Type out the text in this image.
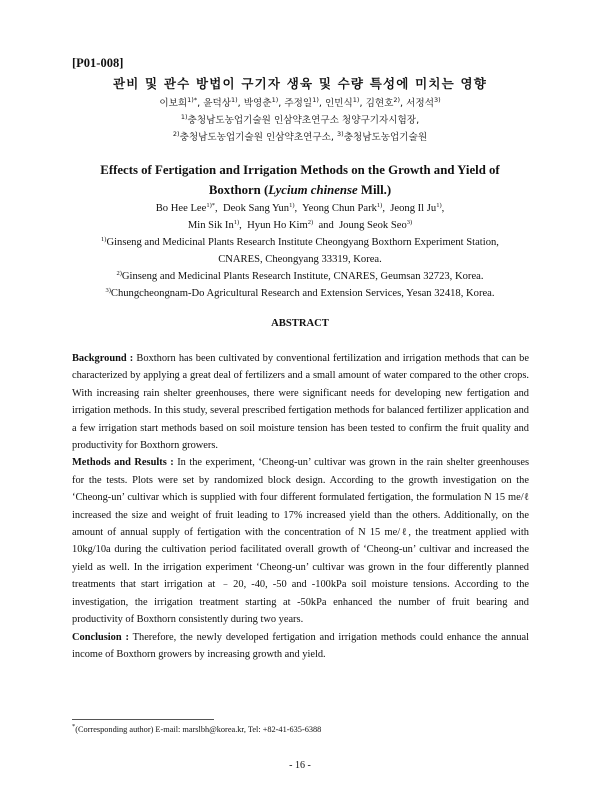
[P01-008]
관비 및 관수 방법이 구기자 생육 및 수량 특성에 미치는 영향
이보희$^{1)*}$, 윤덕상$^{1)}$, 박영춘$^{1)}$, 주정일$^{1)}$, 인민식$^{1)}$, 김현호$^{2)}$, 서정석$^{3)}$
$^{1)}$충청남도농업기술원 인삼약초연구소 청양구기자시험장,
$^{2)}$충청남도농업기술원 인삼약초연구소, $^{3)}$충청남도농업기술원
Effects of Fertigation and Irrigation Methods on the Growth and Yield of
Boxthorn (Lycium chinense Mill.)
Bo Hee Lee$^{1)*}$,  Deok Sang Yun$^{1)}$,  Yeong Chun Park$^{1)}$,  Jeong Il Ju$^{1)}$,
Min Sik In$^{1)}$,  Hyun Ho Kim$^{2)}$  and  Joung Seok Seo$^{3)}$
$^{1)}$Ginseng and Medicinal Plants Research Institute Cheongyang Boxthorn Experiment Station,
CNARES, Cheongyang 33319, Korea.
$^{2)}$Ginseng and Medicinal Plants Research Institute, CNARES, Geumsan 32723, Korea.
$^{3)}$Chungcheongnam-Do Agricultural Research and Extension Services, Yesan 32418, Korea.
ABSTRACT

Background : Boxthorn has been cultivated by conventional fertilization and irrigation methods that can be characterized by applying a great deal of fertilizers and a small amount of water compared to the other crops. With increasing rain shelter greenhouses, there were significant needs for developing new fertigation and irrigation methods. In this study, several prescribed fertigation methods for balanced fertilizer application and a few irrigation start methods based on soil moisture tension has been tested to confirm the fruit quality and productivity for Boxthorn growers.

Methods and Results : In the experiment, ‘Cheong-un’ cultivar was grown in the rain shelter greenhouses for the tests. Plots were set by randomized block design. According to the growth investigation on the ‘Cheong-un’ cultivar which is supplied with four different formulated fertigation, the formulation N 15 me/ℓ increased the size and weight of fruit leading to 17% increased yield than the others. Additionally, on the amount of annual supply of fertigation with the concentration of N 15 me/ℓ, the treatment applied with 10kg/10a during the cultivation period facilitated overall growth of ‘Cheong-un’ cultivar and increased the yield as well. In the irrigation experiment ‘Cheong-un’ cultivar was grown in the four differently planned treatments that start irrigation at ﹣20, -40, -50 and -100kPa soil moisture tensions. According to the investigation, the irrigation treatment starting at -50kPa enhanced the number of fruit bearing and productivity of Boxthorn consistently during two years.

Conclusion : Therefore, the newly developed fertigation and irrigation methods could enhance the annual income of Boxthorn growers by increasing growth and yield.

*(Corresponding author) E-mail: marslbh@korea.kr, Tel: +82-41-635-6388
- 16 -
